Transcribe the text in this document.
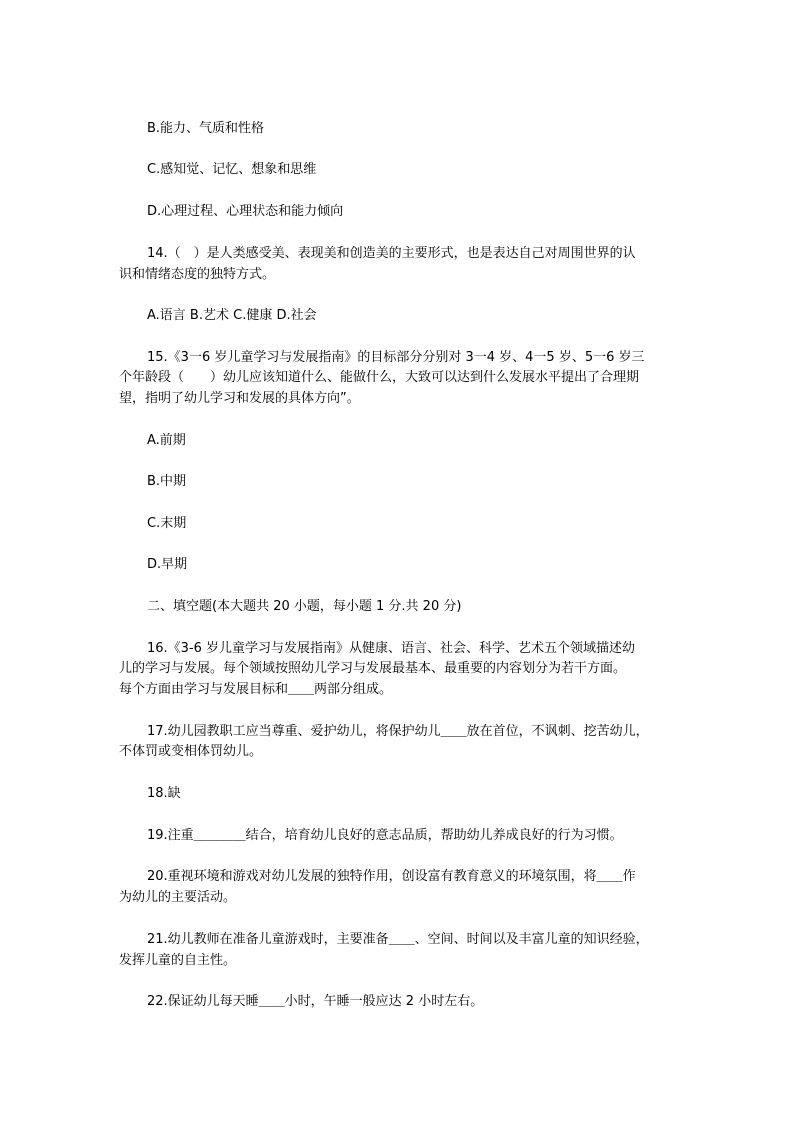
B.能力、气质和性格

C.感知觉、记忆、想象和思维

D.心理过程、心理状态和能力倾向

14.（　）是人类感受美、表现美和创造美的主要形式，也是表达自己对周围世界的认

识和情绪态度的独特方式。

A.语言 B.艺术 C.健康 D.社会

15.《3一6 岁儿童学习与发展指南》的目标部分分别对 3一4 岁、4一5 岁、5一6 岁三

个年龄段（　　）幼儿应该知道什么、能做什么，大致可以达到什么发展水平提出了合理期

望，指明了幼儿学习和发展的具体方向”。

A.前期

B.中期

C.末期

D.早期

二、填空题(本大题共 20 小题，每小题 1 分.共 20 分)

16.《3-6 岁儿童学习与发展指南》从健康、语言、社会、科学、艺术五个领域描述幼

儿的学习与发展。每个领域按照幼儿学习与发展最基本、最重要的内容划分为若干方面。

每个方面由学习与发展目标和＿＿两部分组成。

17.幼儿园教职工应当尊重、爱护幼儿，将保护幼儿＿＿放在首位，不讽刺、挖苦幼儿，

不体罚或变相体罚幼儿。

18.缺

19.注重＿＿＿＿结合，培育幼儿良好的意志品质，帮助幼儿养成良好的行为习惯。

20.重视环境和游戏对幼儿发展的独特作用，创设富有教育意义的环境氛围，将＿＿作

为幼儿的主要活动。

21.幼儿教师在准备儿童游戏时，主要准备＿＿、空间、时间以及丰富儿童的知识经验，

发挥儿童的自主性。

22.保证幼儿每天睡＿＿小时，午睡一般应达 2 小时左右。
